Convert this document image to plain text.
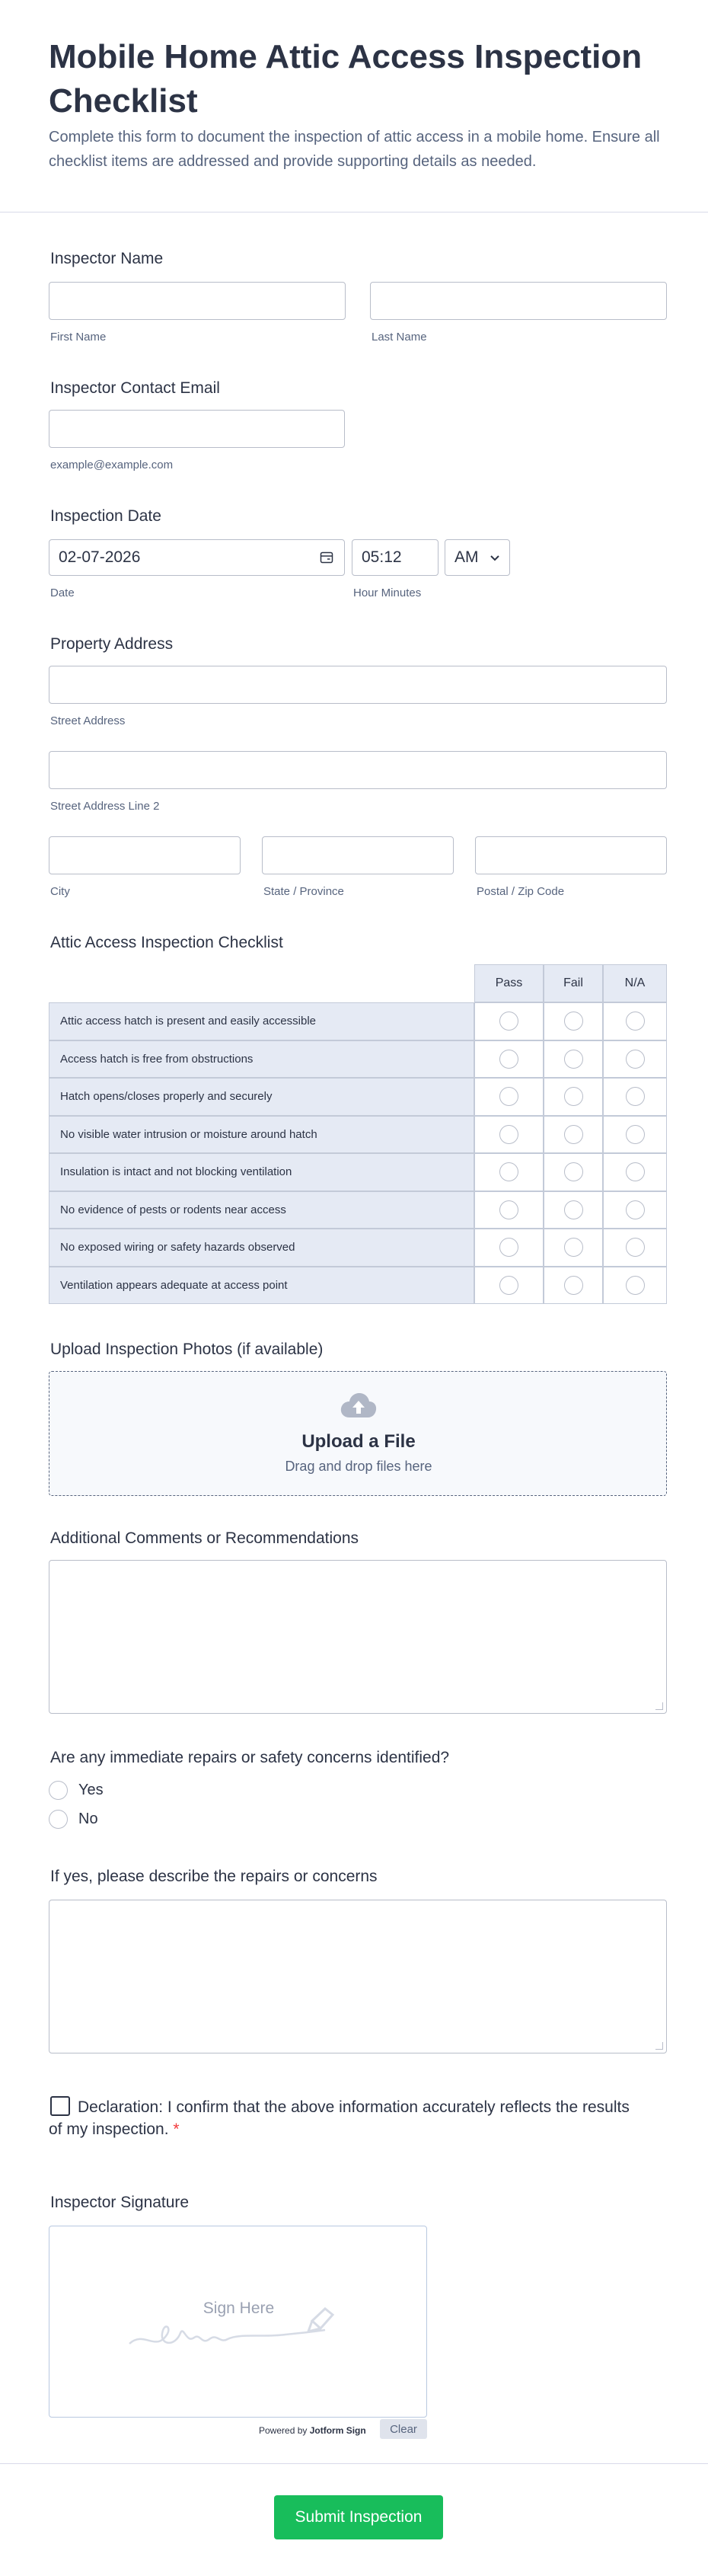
Mobile Home Attic Access Inspection Checklist

Complete this form to document the inspection of attic access in a mobile home. Ensure all checklist items are addressed and provide supporting details as needed.

Inspector Name
First Name	Last Name
Inspector Contact Email
example@example.com
Inspection Date
02-07-2026
Date
05:12	AM
Hour Minutes
Property Address
Street Address
Street Address Line 2
City	State / Province	Postal / Zip Code
Attic Access Inspection Checklist
Pass	Fail	N/A
Attic access hatch is present and easily accessible
Access hatch is free from obstructions
Hatch opens/closes properly and securely
No visible water intrusion or moisture around hatch
Insulation is intact and not blocking ventilation
No evidence of pests or rodents near access
No exposed wiring or safety hazards observed
Ventilation appears adequate at access point
Upload Inspection Photos (if available)
Upload a File
Drag and drop files here
Additional Comments or Recommendations
Are any immediate repairs or safety concerns identified?
Yes
No
If yes, please describe the repairs or concerns
Declaration: I confirm that the above information accurately reflects the results of my inspection. *
Inspector Signature
Sign Here
Powered by Jotform Sign	Clear
Submit Inspection
